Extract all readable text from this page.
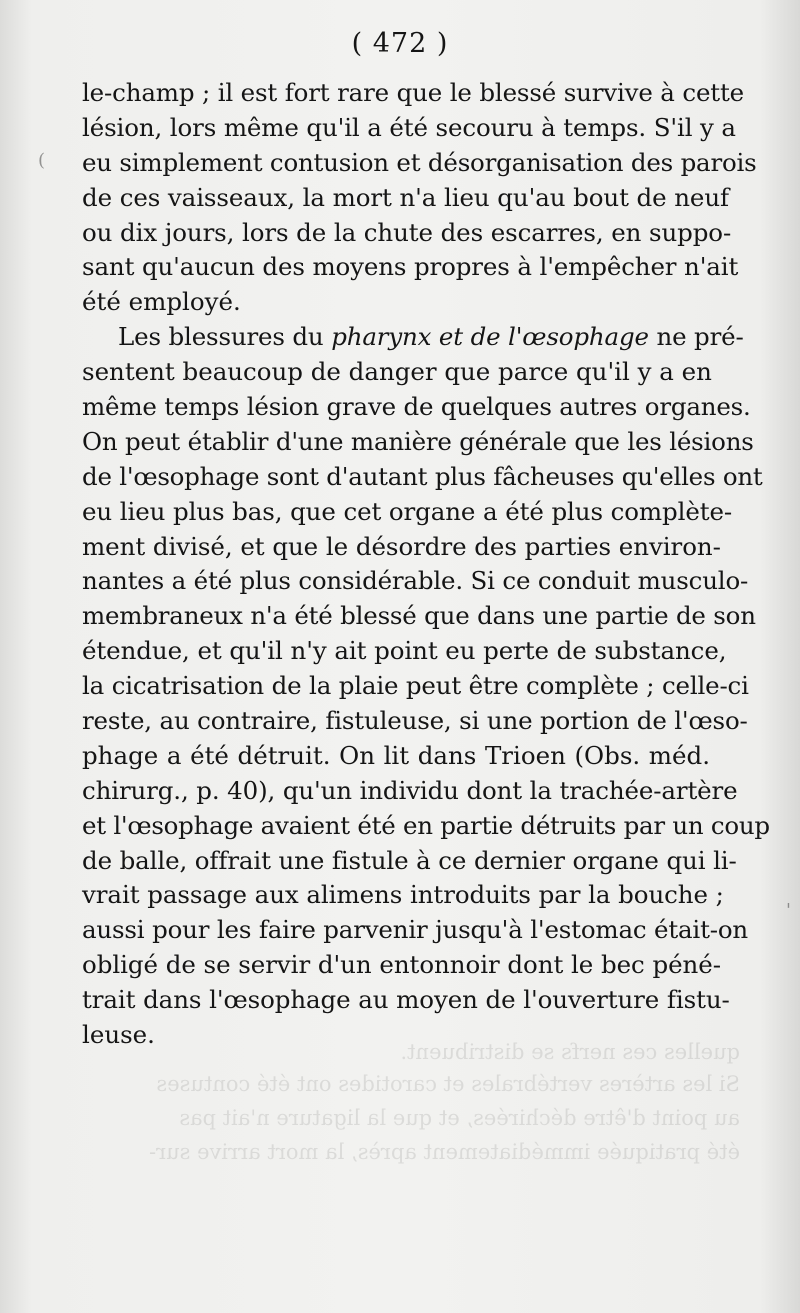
quelles ces nerfs se distribuent.
Si les artères vertébrales et carotides ont été contuses
au point d'être déchirées, et que la ligature n'ait pas
été pratiquée immédiatement après, la mort arrive sur-
( 472 )
le-champ ; il est fort rare que le blessé survive à cette
lésion, lors même qu'il a été secouru à temps. S'il y a
eu simplement contusion et désorganisation des parois
de ces vaisseaux, la mort n'a lieu qu'au bout de neuf
ou dix jours, lors de la chute des escarres, en suppo-
sant qu'aucun des moyens propres à l'empêcher n'ait
été employé.
Les blessures du pharynx et de l'œsophage ne pré-
sentent beaucoup de danger que parce qu'il y a en
même temps lésion grave de quelques autres organes.
On peut établir d'une manière générale que les lésions
de l'œsophage sont d'autant plus fâcheuses qu'elles ont
eu lieu plus bas, que cet organe a été plus complète-
ment divisé, et que le désordre des parties environ-
nantes a été plus considérable. Si ce conduit musculo-
membraneux n'a été blessé que dans une partie de son
étendue, et qu'il n'y ait point eu perte de substance,
la cicatrisation de la plaie peut être complète ; celle-ci
reste, au contraire, fistuleuse, si une portion de l'œso-
phage a été détruit. On lit dans Trioen (Obs. méd.
chirurg., p. 40), qu'un individu dont la trachée-artère
et l'œsophage avaient été en partie détruits par un coup
de balle, offrait une fistule à ce dernier organe qui li-
vrait passage aux alimens introduits par la bouche ;
aussi pour les faire parvenir jusqu'à l'estomac était-on
obligé de se servir d'un entonnoir dont le bec péné-
trait dans l'œsophage au moyen de l'ouverture fistu-
leuse.
(
'
